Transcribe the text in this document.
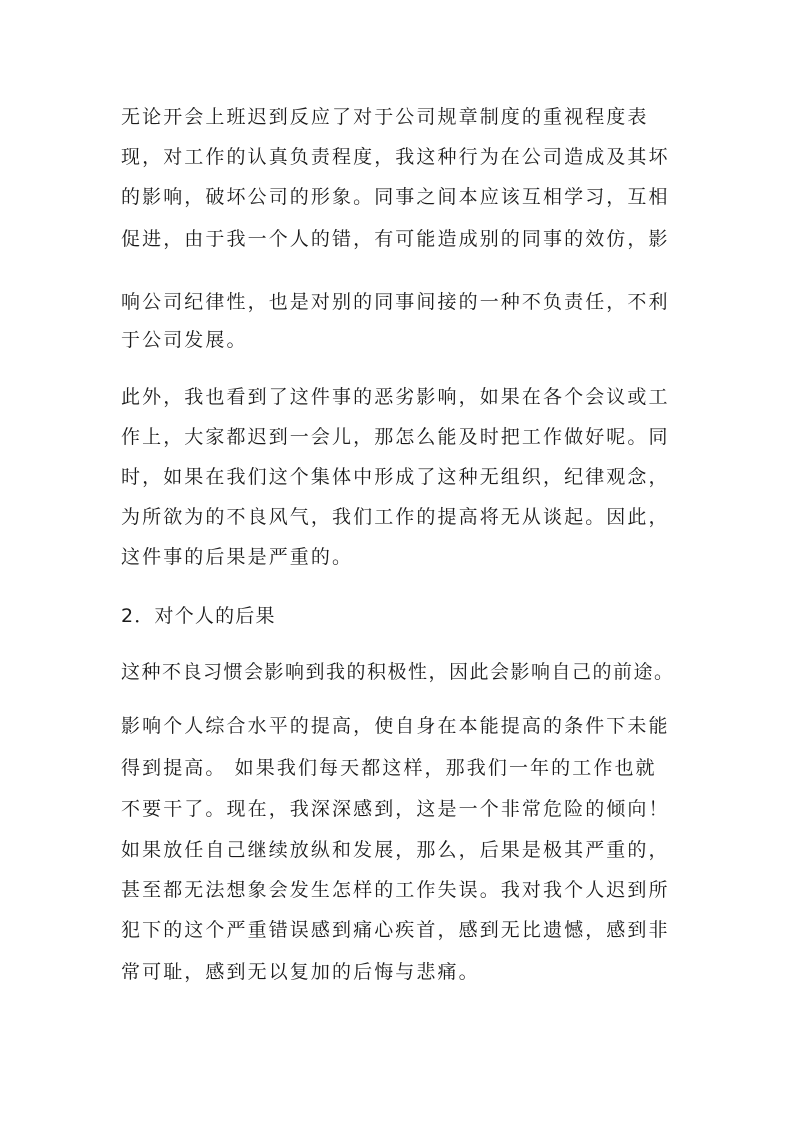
无论开会上班迟到反应了对于公司规章制度的重视程度表
现，对工作的认真负责程度，我这种行为在公司造成及其坏
的影响，破坏公司的形象。同事之间本应该互相学习，互相
促进，由于我一个人的错，有可能造成别的同事的效仿，影
响公司纪律性，也是对别的同事间接的一种不负责任，不利
于公司发展。
此外，我也看到了这件事的恶劣影响，如果在各个会议或工
作上，大家都迟到一会儿，那怎么能及时把工作做好呢。同
时，如果在我们这个集体中形成了这种无组织，纪律观念，
为所欲为的不良风气，我们工作的提高将无从谈起。因此，
这件事的后果是严重的。
2．对个人的后果
这种不良习惯会影响到我的积极性，因此会影响自己的前途。
影响个人综合水平的提高，使自身在本能提高的条件下未能
得到提高。 如果我们每天都这样，那我们一年的工作也就
不要干了。现在，我深深感到，这是一个非常危险的倾向！
如果放任自己继续放纵和发展，那么，后果是极其严重的，
甚至都无法想象会发生怎样的工作失误。我对我个人迟到所
犯下的这个严重错误感到痛心疾首，感到无比遗憾，感到非
常可耻，感到无以复加的后悔与悲痛。
